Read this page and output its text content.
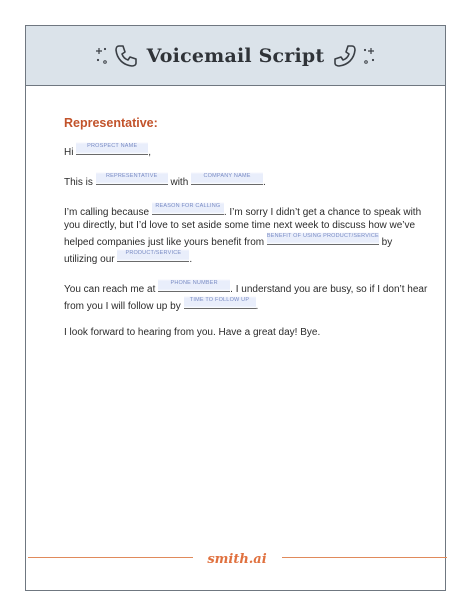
Voicemail Script

Representative:

Hi
PROSPECT NAME
,

This is
REPRESENTATIVE
with
COMPANY NAME
.

I’m calling because
REASON FOR CALLING
. I’m sorry I didn’t get a chance to speak with

you directly, but I’d love to set aside some time next week to discuss how we’ve

helped companies just like yours benefit from
BENEFIT OF USING PRODUCT/SERVICE
by

utilizing our
PRODUCT/SERVICE
.

You can reach me at
PHONE NUMBER
. I understand you are busy, so if I don’t hear

from you I will follow up by
TIME TO FOLLOW UP
.

I look forward to hearing from you. Have a great day! Bye.

smith.ai
